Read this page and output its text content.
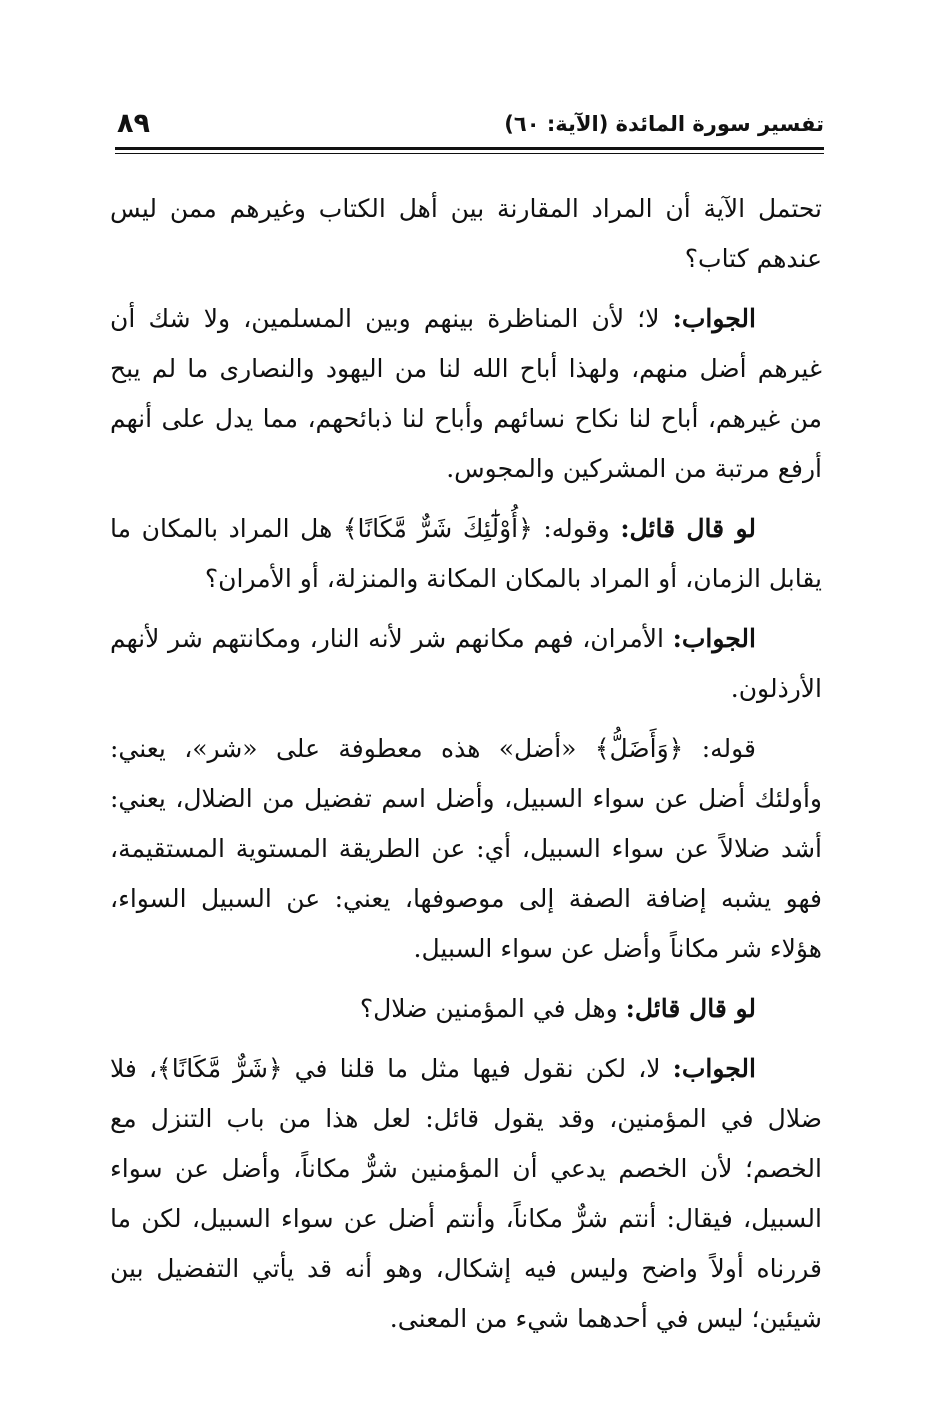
تفسير سورة المائدة (الآية: ٦٠)
٨٩

تحتمل الآية أن المراد المقارنة بين أهل الكتاب وغيرهم ممن ليس عندهم كتاب؟

الجواب: لا؛ لأن المناظرة بينهم وبين المسلمين، ولا شك أن غيرهم أضل منهم، ولهذا أباح الله لنا من اليهود والنصارى ما لم يبح من غيرهم، أباح لنا نكاح نسائهم وأباح لنا ذبائحهم، مما يدل على أنهم أرفع مرتبة من المشركين والمجوس.

لو قال قائل: وقوله: ﴿أُوْلَٰٓئِكَ شَرٌّ مَّكَانًا﴾ هل المراد بالمكان ما يقابل الزمان، أو المراد بالمكان المكانة والمنزلة، أو الأمران؟

الجواب: الأمران، فهم مكانهم شر لأنه النار، ومكانتهم شر لأنهم الأرذلون.

قوله: ﴿وَأَضَلُّ﴾ «أضل» هذه معطوفة على «شر»، يعني: وأولئك أضل عن سواء السبيل، وأضل اسم تفضيل من الضلال، يعني: أشد ضلالاً عن سواء السبيل، أي: عن الطريقة المستوية المستقيمة، فهو يشبه إضافة الصفة إلى موصوفها، يعني: عن السبيل السواء، هؤلاء شر مكاناً وأضل عن سواء السبيل.

لو قال قائل: وهل في المؤمنين ضلال؟

الجواب: لا، لكن نقول فيها مثل ما قلنا في ﴿شَرٌّ مَّكَانًا﴾، فلا ضلال في المؤمنين، وقد يقول قائل: لعل هذا من باب التنزل مع الخصم؛ لأن الخصم يدعي أن المؤمنين شرٌّ مكاناً، وأضل عن سواء السبيل، فيقال: أنتم شرٌّ مكاناً، وأنتم أضل عن سواء السبيل، لكن ما قررناه أولاً واضح وليس فيه إشكال، وهو أنه قد يأتي التفضيل بين شيئين؛ ليس في أحدهما شيء من المعنى.
